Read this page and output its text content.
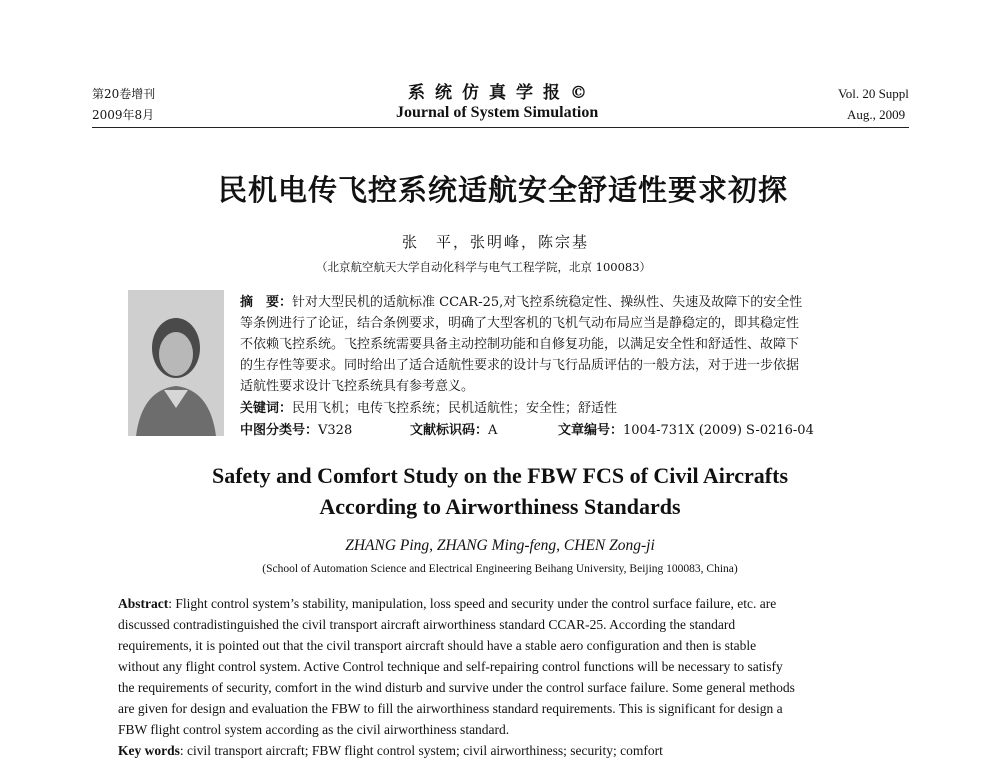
第20卷增刊
2009年8月
系统仿真学报©
Journal of System Simulation
Vol. 20 Suppl
Aug., 2009
民机电传飞控系统适航安全舒适性要求初探
张　平，张明峰，陈宗基
（北京航空航天大学自动化科学与电气工程学院，北京 100083）
摘　要：针对大型民机的适航标准 CCAR-25,对飞控系统稳定性、操纵性、失速及故障下的安全性
等条例进行了论证，结合条例要求，明确了大型客机的飞机气动布局应当是静稳定的，即其稳定性
不依赖飞控系统。飞控系统需要具备主动控制功能和自修复功能，以满足安全性和舒适性、故障下
的生存性等要求。同时给出了适合适航性要求的设计与飞行品质评估的一般方法，对于进一步依据
适航性要求设计飞控系统具有参考意义。
关键词：民用飞机；电传飞控系统；民机适航性；安全性；舒适性
中图分类号：V328	文献标识码：A	文章编号：1004-731X (2009) S-0216-04
Safety and Comfort Study on the FBW FCS of Civil Aircrafts
According to Airworthiness Standards
ZHANG Ping, ZHANG Ming-feng, CHEN Zong-ji
(School of Automation Science and Electrical Engineering Beihang University, Beijing 100083, China)
Abstract: Flight control system’s stability, manipulation, loss speed and security under the control surface failure, etc. are
discussed contradistinguished the civil transport aircraft airworthiness standard CCAR-25. According the standard
requirements, it is pointed out that the civil transport aircraft should have a stable aero configuration and then is stable
without any flight control system. Active Control technique and self-repairing control functions will be necessary to satisfy
the requirements of security, comfort in the wind disturb and survive under the control surface failure. Some general methods
are given for design and evaluation the FBW to fill the airworthiness standard requirements. This is significant for design a
FBW flight control system according as the civil airworthiness standard.
Key words: civil transport aircraft; FBW flight control system; civil airworthiness; security; comfort
